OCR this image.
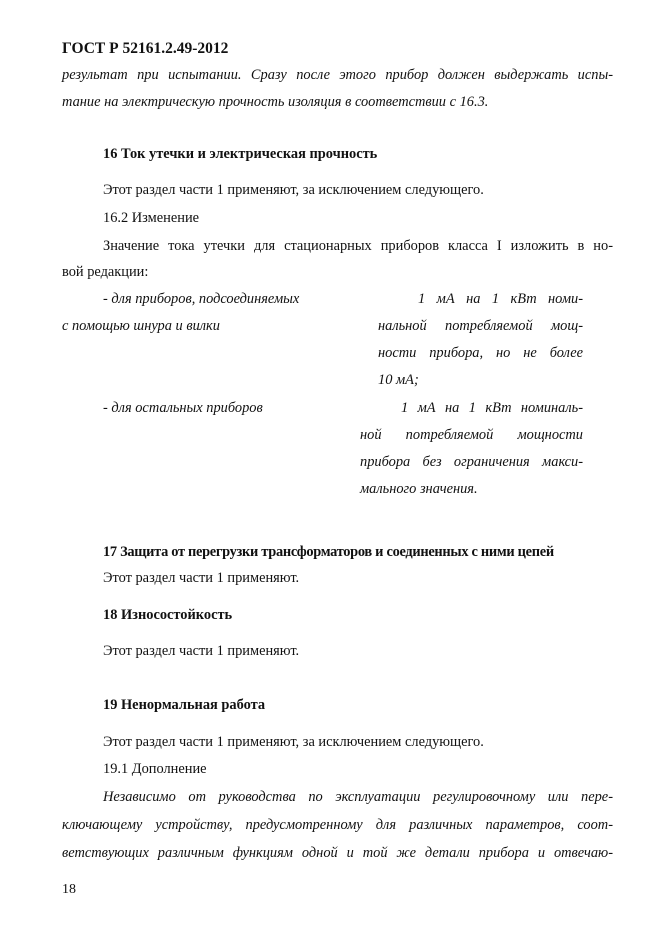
ГОСТ Р 52161.2.49-2012
результат при испытании. Сразу после этого прибор должен выдержать испы-
тание на электрическую прочность изоляция в соответствии с 16.3.
16 Ток утечки и электрическая прочность
Этот раздел части 1 применяют, за исключением следующего.
16.2 Изменение
Значение тока утечки для стационарных приборов класса I изложить в но-
вой редакции:
- для приборов, подсоединяемых
с помощью шнура и вилки
1 мА на 1 кВт номи-
нальной потребляемой мощ-
ности прибора, но не более
10 мА;
- для остальных приборов	1 мА на 1 кВт номиналь-
ной потребляемой мощности
прибора без ограничения макси-
мального значения.
17 Защита от перегрузки трансформаторов и соединенных с ними цепей
Этот раздел части 1 применяют.
18 Износостойкость
Этот раздел части 1 применяют.
19 Ненормальная работа
Этот раздел части 1 применяют, за исключением следующего.
19.1 Дополнение
Независимо от руководства по эксплуатации регулировочному или пере-
ключающему устройству, предусмотренному для различных параметров, соот-
ветствующих различным функциям одной и той же детали прибора и отвечаю-
18
